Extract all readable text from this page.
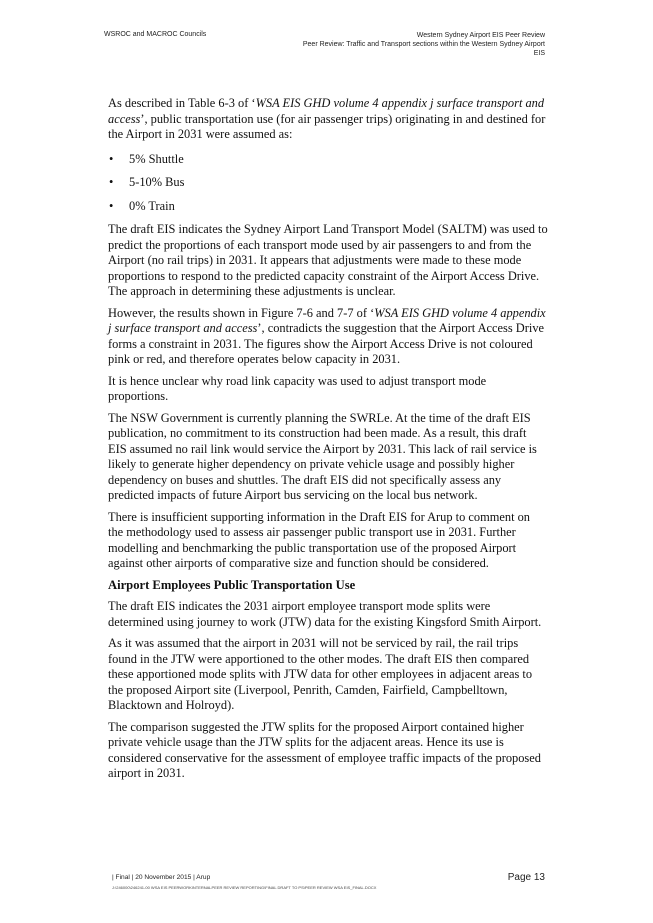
WSROC and MACROC Councils	Western Sydney Airport EIS Peer Review
Peer Review: Traffic and Transport sections within the Western Sydney Airport
EIS

As described in Table 6-3 of ‘WSA EIS GHD volume 4 appendix j surface transport and access’, public transportation use (for air passenger trips) originating in and destined for the Airport in 2031 were assumed as:

• 5% Shuttle
• 5-10% Bus
• 0% Train

The draft EIS indicates the Sydney Airport Land Transport Model (SALTM) was used to predict the proportions of each transport mode used by air passengers to and from the Airport (no rail trips) in 2031. It appears that adjustments were made to these mode proportions to respond to the predicted capacity constraint of the Airport Access Drive. The approach in determining these adjustments is unclear.

However, the results shown in Figure 7-6 and 7-7 of ‘WSA EIS GHD volume 4 appendix j surface transport and access’, contradicts the suggestion that the Airport Access Drive forms a constraint in 2031. The figures show the Airport Access Drive is not coloured pink or red, and therefore operates below capacity in 2031.

It is hence unclear why road link capacity was used to adjust transport mode proportions.

The NSW Government is currently planning the SWRLe. At the time of the draft EIS publication, no commitment to its construction had been made. As a result, this draft EIS assumed no rail link would service the Airport by 2031. This lack of rail service is likely to generate higher dependency on private vehicle usage and possibly higher dependency on buses and shuttles. The draft EIS did not specifically assess any predicted impacts of future Airport bus servicing on the local bus network.

There is insufficient supporting information in the Draft EIS for Arup to comment on the methodology used to assess air passenger public transport use in 2031. Further modelling and benchmarking the public transportation use of the proposed Airport against other airports of comparative size and function should be considered.

Airport Employees Public Transportation Use

The draft EIS indicates the 2031 airport employee transport mode splits were determined using journey to work (JTW) data for the existing Kingsford Smith Airport.

As it was assumed that the airport in 2031 will not be serviced by rail, the rail trips found in the JTW were apportioned to the other modes. The draft EIS then compared these apportioned mode splits with JTW data for other employees in adjacent areas to the proposed Airport site (Liverpool, Penrith, Camden, Fairfield, Campbelltown, Blacktown and Holroyd).

The comparison suggested the JTW splits for the proposed Airport contained higher private vehicle usage than the JTW splits for the adjacent areas. Hence its use is considered conservative for the assessment of employee traffic impacts of the proposed airport in 2031.

| Final | 20 November 2015 | Arup
J:\246000\246241-00 WSA EIS PEERWORKINTERNALPEER REVIEW REPORTING\FINAL DRAFT TO PS\PEER REVIEW WSA EIS_FINAL.DOCX
Page 13
